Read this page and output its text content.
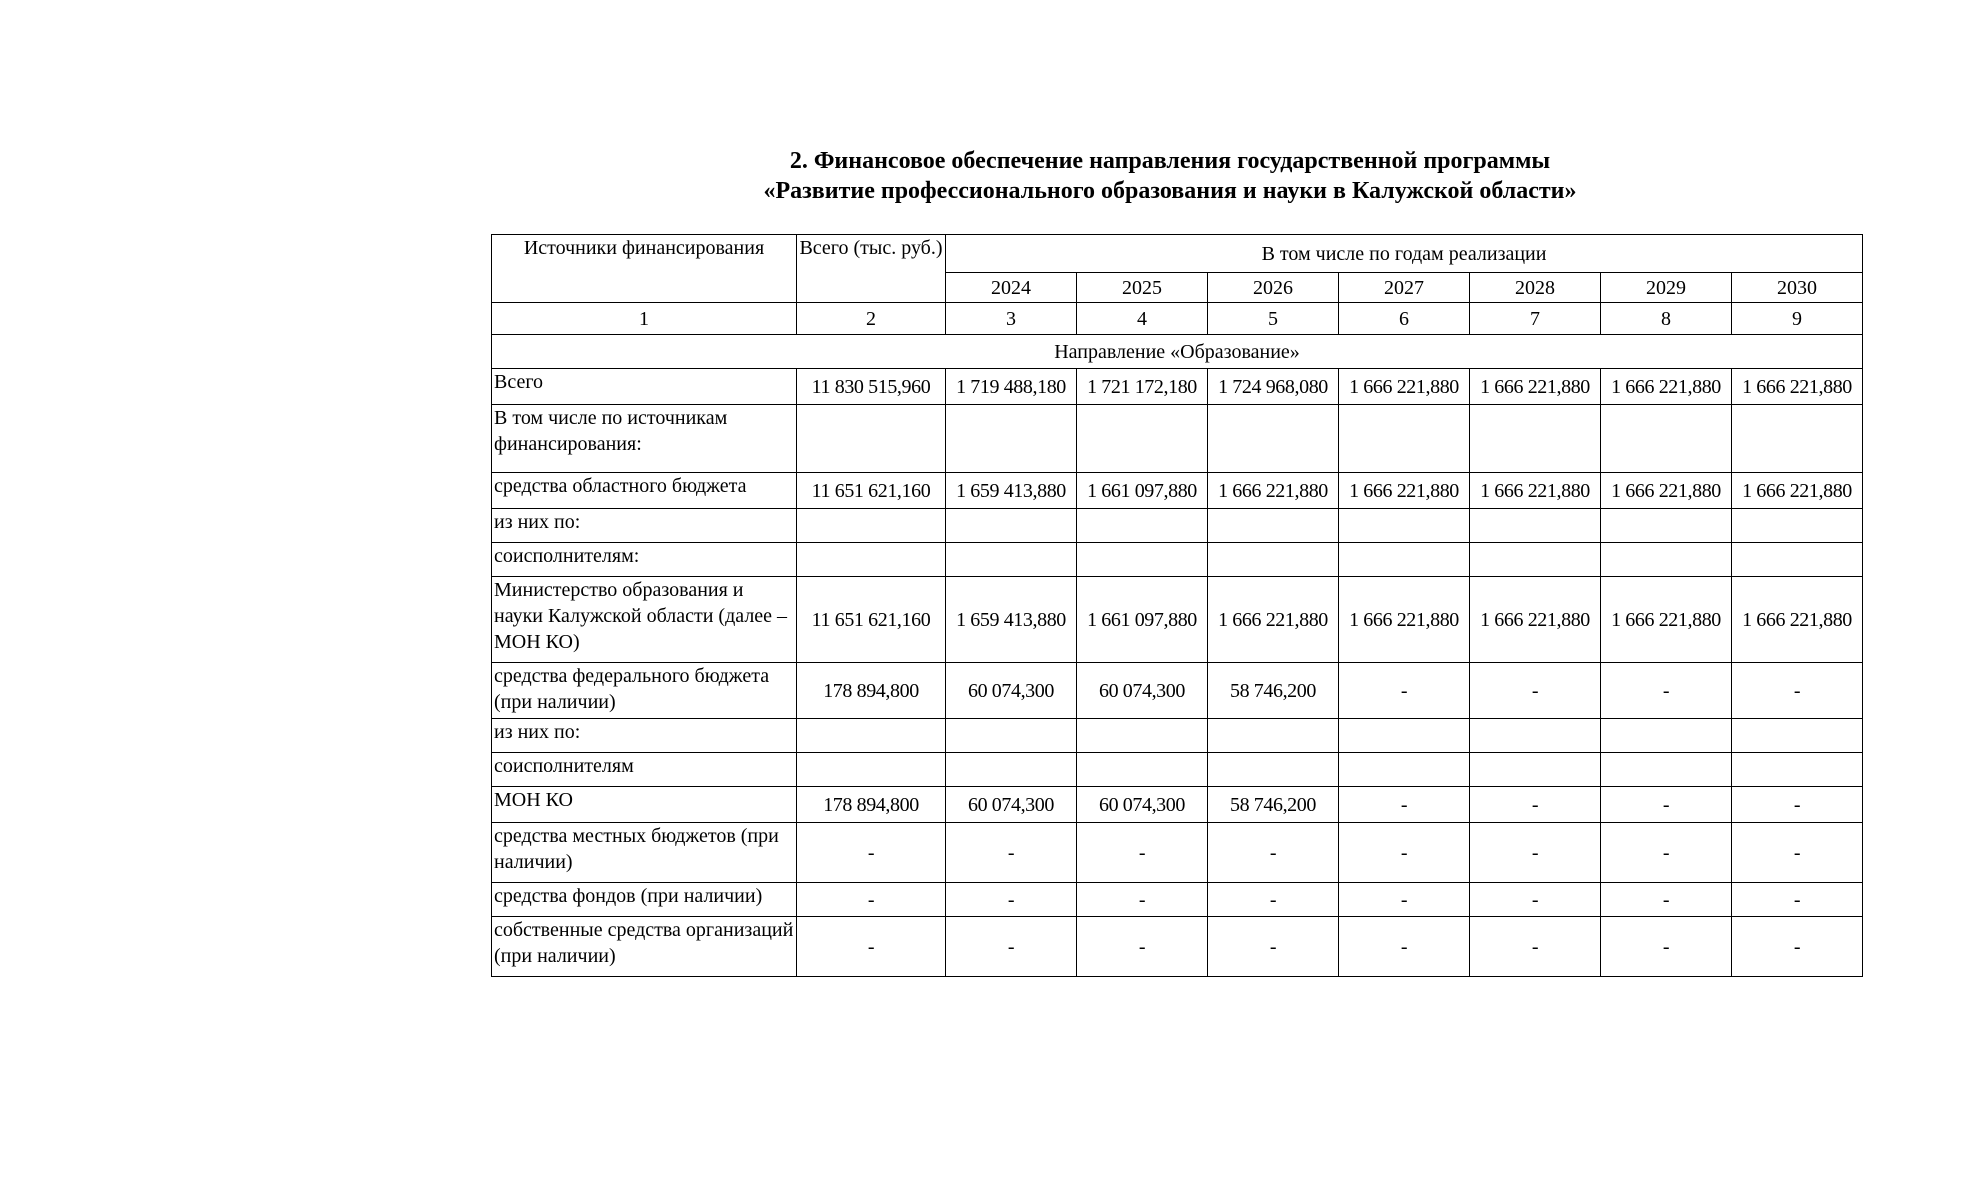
2. Финансовое обеспечение направления государственной программы
«Развитие профессионального образования и науки в Калужской области»
Источники финансирования	Всего (тыс. руб.)	В том числе по годам реализации						
		2024	2025	2026	2027	2028	2029	2030
1	2	3	4	5	6	7	8	9
Направление «Образование»								
Всего	11 830 515,960	1 719 488,180	1 721 172,180	1 724 968,080	1 666 221,880	1 666 221,880	1 666 221,880	1 666 221,880
В том числе по источникам финансирования:								
средства областного бюджета	11 651 621,160	1 659 413,880	1 661 097,880	1 666 221,880	1 666 221,880	1 666 221,880	1 666 221,880	1 666 221,880
из них по:								
соисполнителям:								
Министерство образования и науки Калужской области (далее – МОН КО)	11 651 621,160	1 659 413,880	1 661 097,880	1 666 221,880	1 666 221,880	1 666 221,880	1 666 221,880	1 666 221,880
средства федерального бюджета (при наличии)	178 894,800	60 074,300	60 074,300	58 746,200	-	-	-	-
из них по:								
соисполнителям								
МОН КО	178 894,800	60 074,300	60 074,300	58 746,200	-	-	-	-
средства местных бюджетов (при наличии)	-	-	-	-	-	-	-	-
средства фондов (при наличии)	-	-	-	-	-	-	-	-
собственные средства организаций (при наличии)	-	-	-	-	-	-	-	-
